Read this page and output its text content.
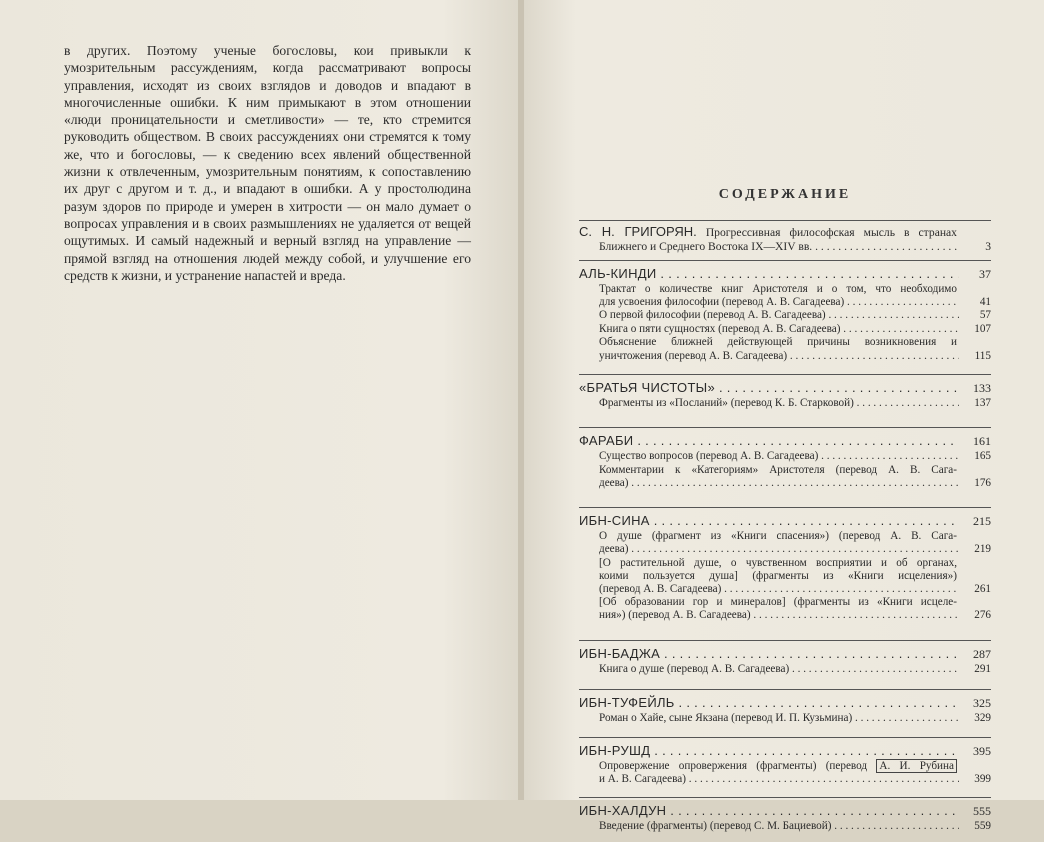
в других. Поэтому ученые богословы, кои привыкли к умозрительным рассуждениям, когда рассматривают вопросы управления, исходят из своих взглядов и доводов и впадают в многочисленные ошибки. К ним примыкают в этом отношении «люди проницательности и сметливости» — те, кто стремится руководить обществом. В своих рассуждениях они стремятся к тому же, что и богословы, — к сведению всех явлений общественной жизни к отвлеченным, умозрительным понятиям, к сопоставлению их друг с другом и т. д., и впадают в ошибки. А у простолюдина разум здоров по природе и умерен в хитрости — он мало думает о вопросах управления и в своих размышлениях не удаляется от вещей ощутимых. И самый надежный и верный взгляд на управление — прямой взгляд на отношения людей между собой, и улучшение его средств к жизни, и устранение напастей и вреда.

СОДЕРЖАНИЕ
С. Н. ГРИГОРЯН. Прогрессивная философская мысль в странах
Ближнего и Среднего Востока IX—XIV вв. . . .	3
АЛЬ-КИНДИ . . .	37
Трактат о количестве книг Аристотеля и о том, что необходимо
для усвоения философии (перевод А. В. Сагадеева) . . .	41
О первой философии (перевод А. В. Сагадеева) . . .	57
Книга о пяти сущностях (перевод А. В. Сагадеева) . . .	107
Объяснение ближней действующей причины возникновения и
уничтожения (перевод А. В. Сагадеева) . . .	115
«БРАТЬЯ ЧИСТОТЫ» . . .	133
Фрагменты из «Посланий» (перевод К. Б. Старковой) . . .	137
ФАРАБИ . . .	161
Существо вопросов (перевод А. В. Сагадеева) . . .	165
Комментарии к «Категориям» Аристотеля (перевод А. В. Сага-
деева) . . .	176
ИБН-СИНА . . .	215
О душе (фрагмент из «Книги спасения») (перевод А. В. Сага-
деева) . . .	219
[О растительной душе, о чувственном восприятии и об органах,
коими пользуется душа] (фрагменты из «Книги исцеления»)
(перевод А. В. Сагадеева) . . .	261
[Об образовании гор и минералов] (фрагменты из «Книги исцеле-
ния») (перевод А. В. Сагадеева) . . .	276
ИБН-БАДЖА . . .	287
Книга о душе (перевод А. В. Сагадеева) . . .	291
ИБН-ТУФЕЙЛЬ . . .	325
Роман о Хайе, сыне Якзана (перевод И. П. Кузьмина) . . .	329
ИБН-РУШД . . .	395
Опровержение опровержения (фрагменты) (перевод А. И. Рубина
и А. В. Сагадеева) . . .	399
ИБН-ХАЛДУН . . .	555
Введение (фрагменты) (перевод С. М. Бациевой) . . .	559
